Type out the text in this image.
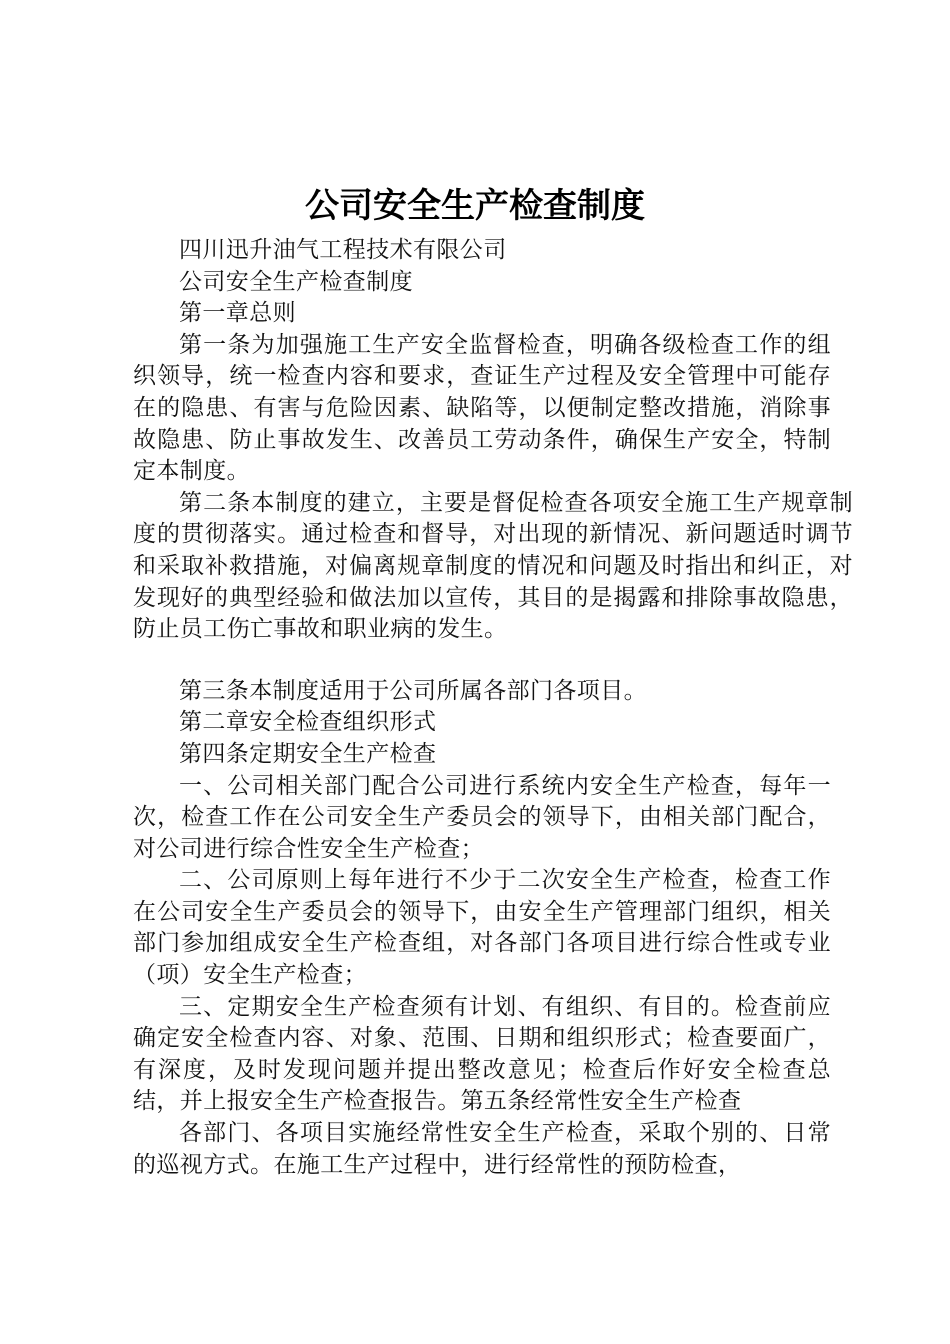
公司安全生产检查制度

四川迅升油气工程技术有限公司

公司安全生产检查制度

第一章总则

第一条为加强施工生产安全监督检查，明确各级检查工作的组织领导，统一检查内容和要求，查证生产过程及安全管理中可能存在的隐患、有害与危险因素、缺陷等，以便制定整改措施，消除事故隐患、防止事故发生、改善员工劳动条件，确保生产安全，特制定本制度。

第二条本制度的建立，主要是督促检查各项安全施工生产规章制度的贯彻落实。通过检查和督导，对出现的新情况、新问题适时调节和采取补救措施，对偏离规章制度的情况和问题及时指出和纠正，对发现好的典型经验和做法加以宣传，其目的是揭露和排除事故隐患，防止员工伤亡事故和职业病的发生。

第三条本制度适用于公司所属各部门各项目。

第二章安全检查组织形式

第四条定期安全生产检查

一、公司相关部门配合公司进行系统内安全生产检查，每年一次，检查工作在公司安全生产委员会的领导下，由相关部门配合，对公司进行综合性安全生产检查；

二、公司原则上每年进行不少于二次安全生产检查，检查工作在公司安全生产委员会的领导下，由安全生产管理部门组织，相关部门参加组成安全生产检查组，对各部门各项目进行综合性或专业（项）安全生产检查；

三、定期安全生产检查须有计划、有组织、有目的。检查前应确定安全检查内容、对象、范围、日期和组织形式；检查要面广，有深度，及时发现问题并提出整改意见；检查后作好安全检查总结，并上报安全生产检查报告。第五条经常性安全生产检查

各部门、各项目实施经常性安全生产检查，采取个别的、日常的巡视方式。在施工生产过程中，进行经常性的预防检查，
